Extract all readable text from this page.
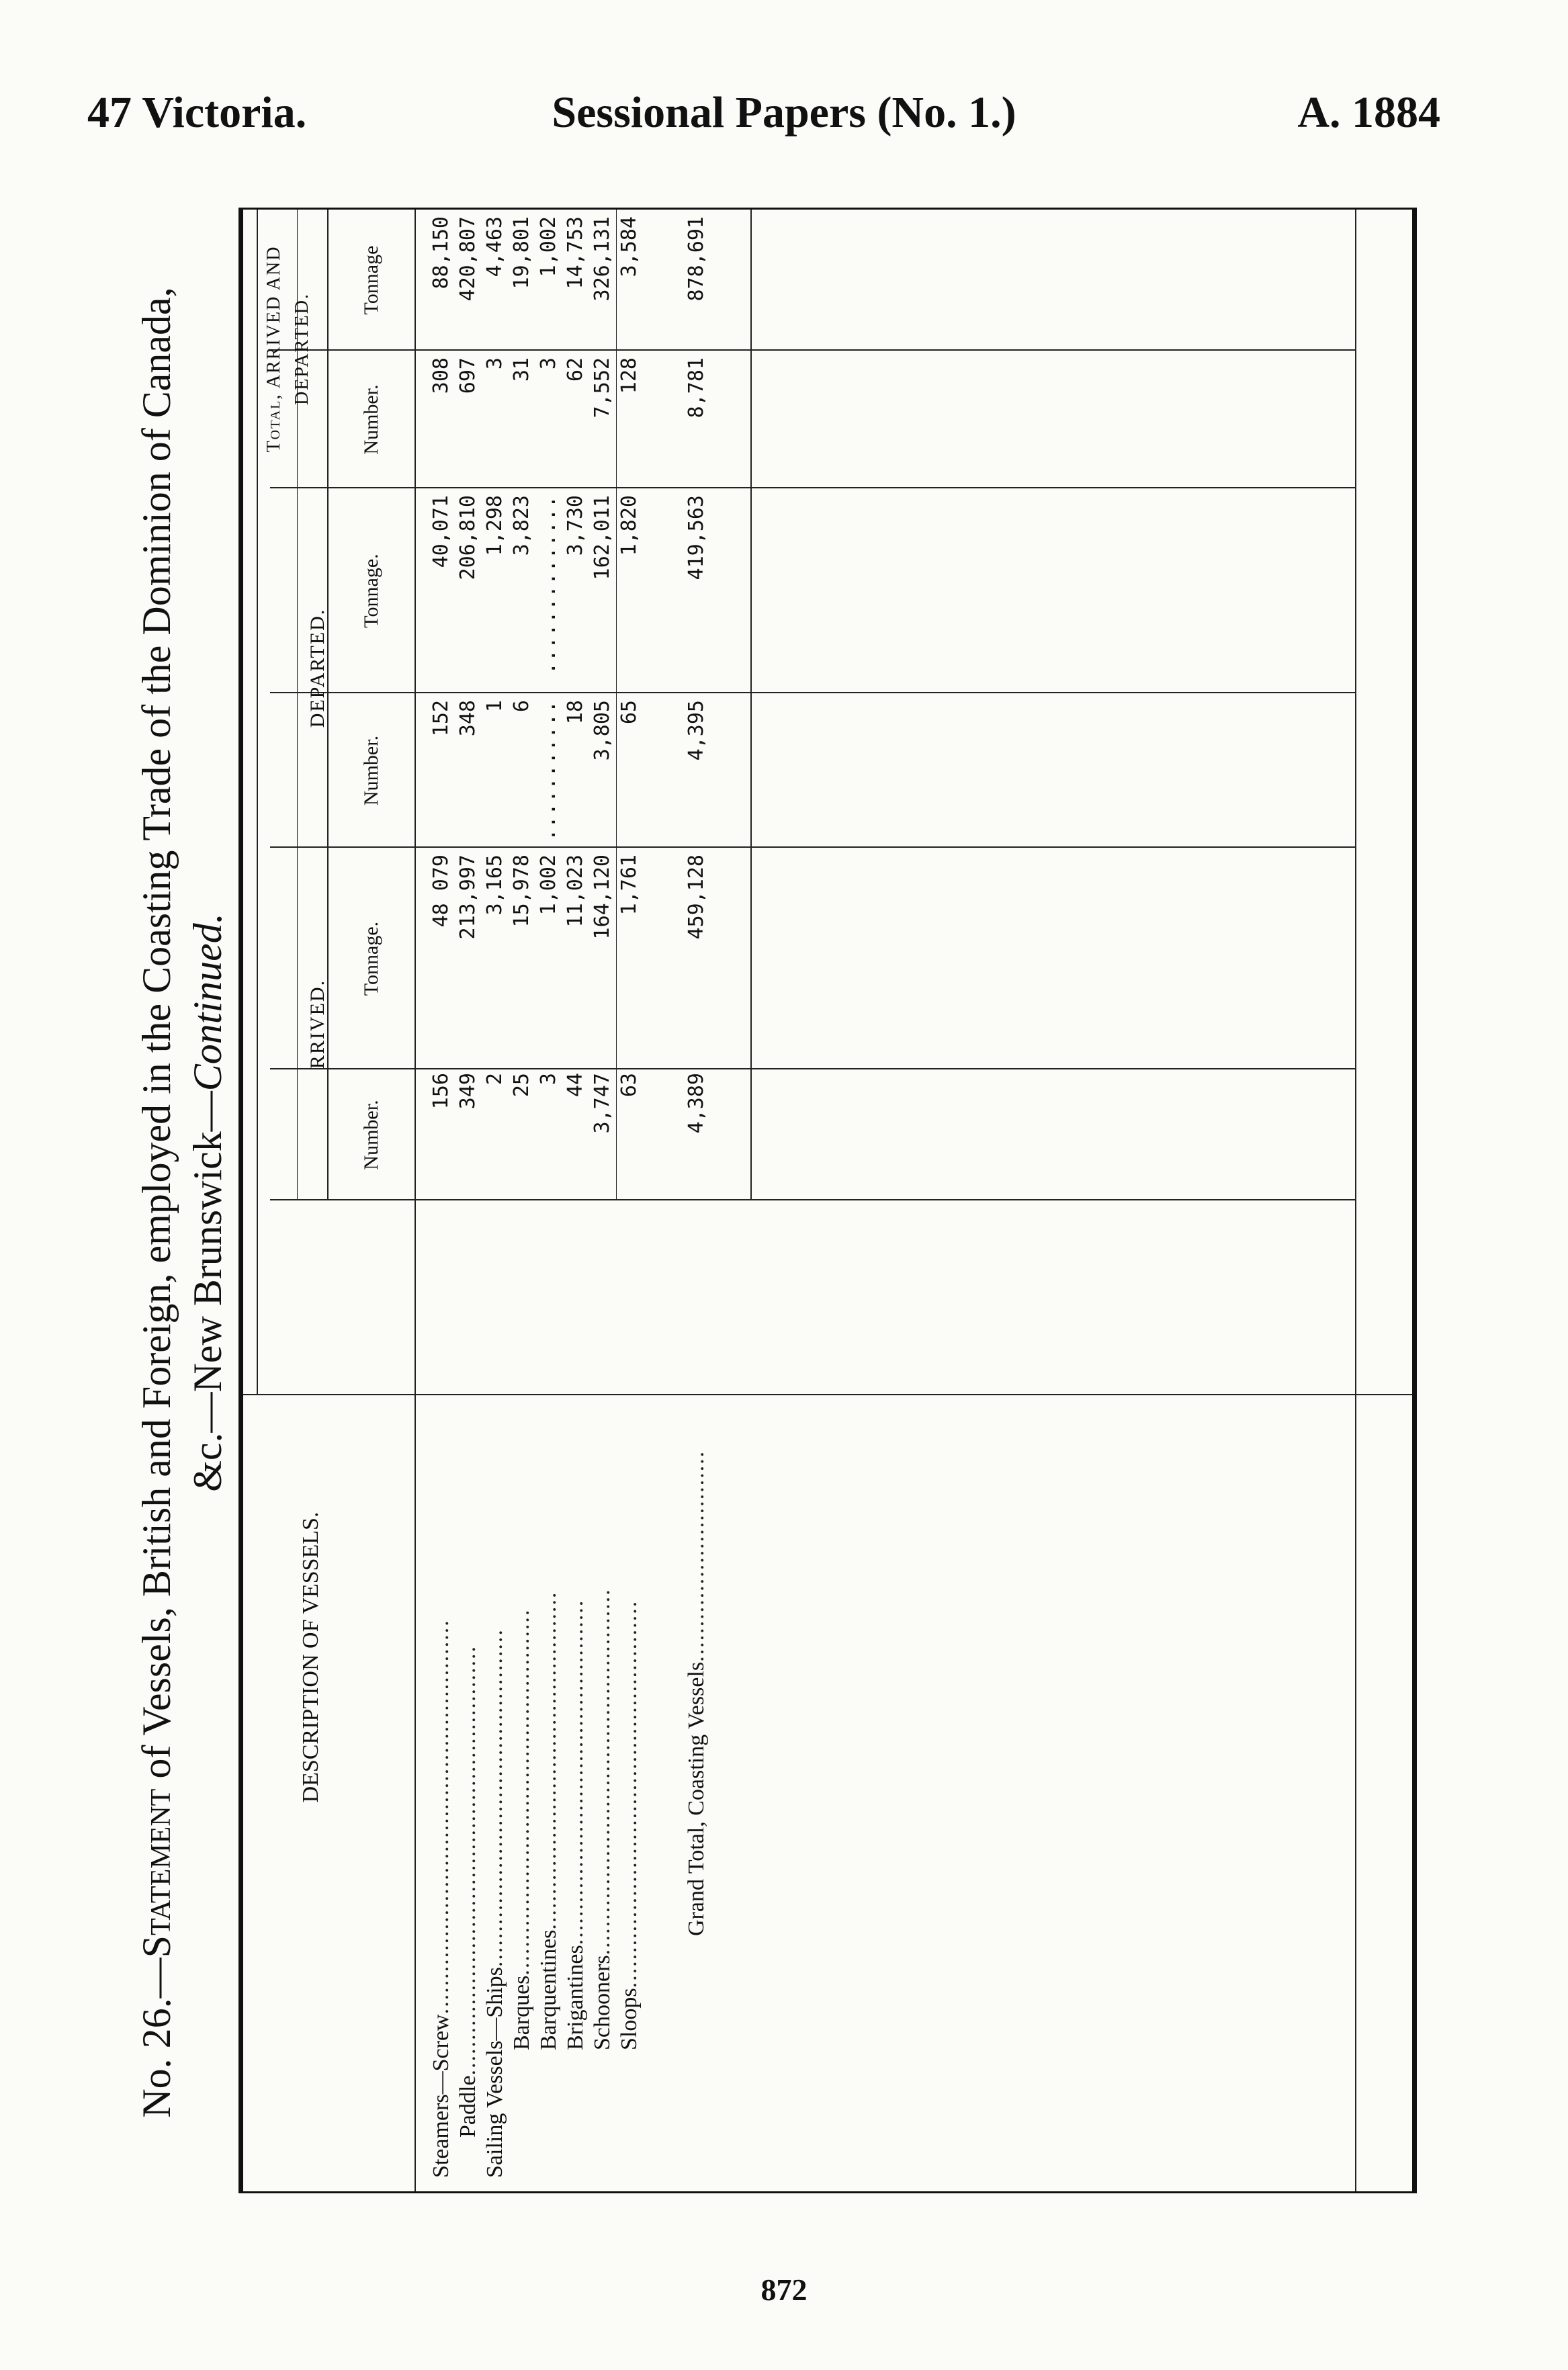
47 Victoria.	Sessional Papers (No. 1.)	A. 1884
No. 26.—Statement of Vessels, British and Foreign, employed in the Coasting Trade of the Dominion of Canada, &c.—New Brunswick—Continued.
DESCRIPTION OF VESSELS.
RRIVED.
DEPARTED.
Total, ARRIVED AND DEPARTED.
Number.
Tonnage.
Number.
Tonnage.
Number.
Tonnage
Steamers—Screw........................................................
156
48 079
152
40,071
308
88,150
Paddle.............................................................
349
213,997
348
206,810
697
420,807
Sailing Vessels—Ships................................................
2
3,165
1
1,298
3
4,463
Barques....................................................
25
15,978
6
3,823
31
19,801
Barquentines................................................
3
1,002
...........
..............
3
1,002
Brigantines.................................................
44
11,023
18
3,730
62
14,753
Schooners....................................................
3,747
164,120
3,805
162,011
7,552
326,131
Sloops.......................................................
63
1,761
65
1,820
128
3,584
Grand Total, Coasting Vessels..............................
4,389
459,128
4,395
419,563
8,781
878,691
872
